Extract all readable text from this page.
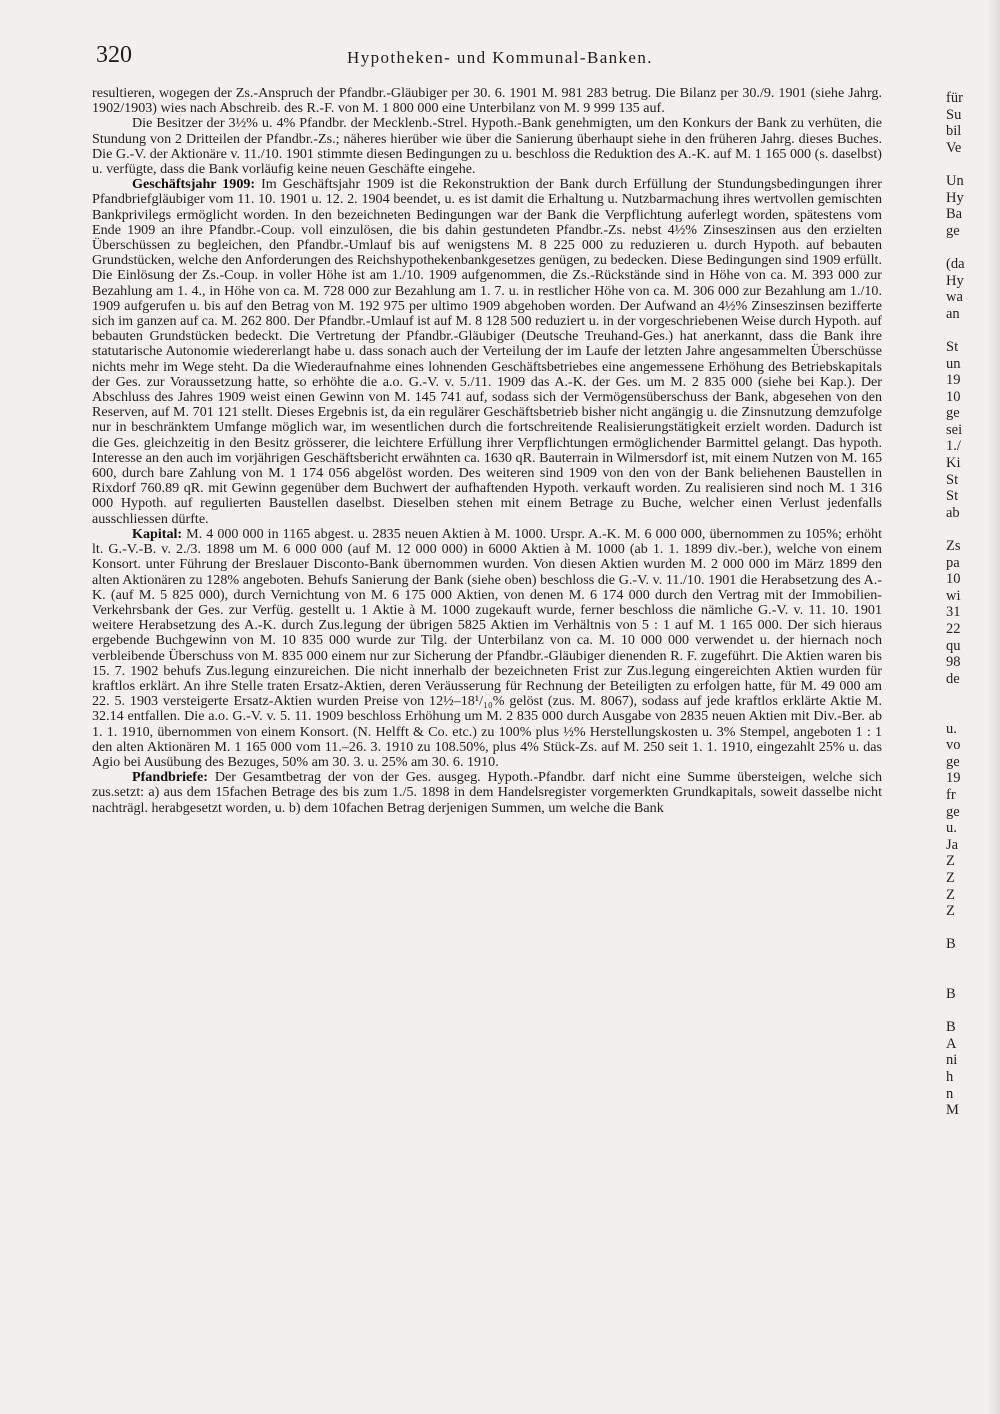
320	Hypotheken- und Kommunal-Banken.
resultieren, wogegen der Zs.-Anspruch der Pfandbr.-Gläubiger per 30. 6. 1901 M. 981 283 betrug. Die Bilanz per 30./9. 1901 (siehe Jahrg. 1902/1903) wies nach Abschreib. des R.-F. von M. 1 800 000 eine Unterbilanz von M. 9 999 135 auf.
Die Besitzer der 3½% u. 4% Pfandbr. der Mecklenb.-Strel. Hypoth.-Bank genehmigten, um den Konkurs der Bank zu verhüten, die Stundung von 2 Dritteilen der Pfandbr.-Zs.; näheres hierüber wie über die Sanierung überhaupt siehe in den früheren Jahrg. dieses Buches. Die G.-V. der Aktionäre v. 11./10. 1901 stimmte diesen Bedingungen zu u. beschloss die Reduktion des A.-K. auf M. 1 165 000 (s. daselbst) u. verfügte, dass die Bank vorläufig keine neuen Geschäfte eingehe.
Geschäftsjahr 1909: Im Geschäftsjahr 1909 ist die Rekonstruktion der Bank durch Erfüllung der Stundungsbedingungen ihrer Pfandbriefgläubiger vom 11. 10. 1901 u. 12. 2. 1904 beendet, u. es ist damit die Erhaltung u. Nutzbarmachung ihres wertvollen gemischten Bankprivilegs ermöglicht worden. In den bezeichneten Bedingungen war der Bank die Verpflichtung auferlegt worden, spätestens vom Ende 1909 an ihre Pfandbr.-Coup. voll einzulösen, die bis dahin gestundeten Pfandbr.-Zs. nebst 4½% Zinseszinsen aus den erzielten Überschüssen zu begleichen, den Pfandbr.-Umlauf bis auf wenigstens M. 8 225 000 zu reduzieren u. durch Hypoth. auf bebauten Grundstücken, welche den Anforderungen des Reichshypothekenbankgesetzes genügen, zu bedecken. Diese Bedingungen sind 1909 erfüllt. Die Einlösung der Zs.-Coup. in voller Höhe ist am 1./10. 1909 aufgenommen, die Zs.-Rückstände sind in Höhe von ca. M. 393 000 zur Bezahlung am 1. 4., in Höhe von ca. M. 728 000 zur Bezahlung am 1. 7. u. in restlicher Höhe von ca. M. 306 000 zur Bezahlung am 1./10. 1909 aufgerufen u. bis auf den Betrag von M. 192 975 per ultimo 1909 abgehoben worden. Der Aufwand an 4½% Zinseszinsen bezifferte sich im ganzen auf ca. M. 262 800. Der Pfandbr.-Umlauf ist auf M. 8 128 500 reduziert u. in der vorgeschriebenen Weise durch Hypoth. auf bebauten Grundstücken bedeckt. Die Vertretung der Pfandbr.-Gläubiger (Deutsche Treuhand-Ges.) hat anerkannt, dass die Bank ihre statutarische Autonomie wiedererlangt habe u. dass sonach auch der Verteilung der im Laufe der letzten Jahre angesammelten Überschüsse nichts mehr im Wege steht. Da die Wiederaufnahme eines lohnenden Geschäftsbetriebes eine angemessene Erhöhung des Betriebskapitals der Ges. zur Voraussetzung hatte, so erhöhte die a.o. G.-V. v. 5./11. 1909 das A.-K. der Ges. um M. 2 835 000 (siehe bei Kap.). Der Abschluss des Jahres 1909 weist einen Gewinn von M. 145 741 auf, sodass sich der Vermögensüberschuss der Bank, abgesehen von den Reserven, auf M. 701 121 stellt. Dieses Ergebnis ist, da ein regulärer Geschäftsbetrieb bisher nicht angängig u. die Zinsnutzung demzufolge nur in beschränktem Umfange möglich war, im wesentlichen durch die fortschreitende Realisierungstätigkeit erzielt worden. Dadurch ist die Ges. gleichzeitig in den Besitz grösserer, die leichtere Erfüllung ihrer Verpflichtungen ermöglichender Barmittel gelangt. Das hypoth. Interesse an den auch im vorjährigen Geschäftsbericht erwähnten ca. 1630 qR. Bauterrain in Wilmersdorf ist, mit einem Nutzen von M. 165 600, durch bare Zahlung von M. 1 174 056 abgelöst worden. Des weiteren sind 1909 von den von der Bank beliehenen Baustellen in Rixdorf 760.89 qR. mit Gewinn gegenüber dem Buchwert der aufhaftenden Hypoth. verkauft worden. Zu realisieren sind noch M. 1 316 000 Hypoth. auf regulierten Baustellen daselbst. Dieselben stehen mit einem Betrage zu Buche, welcher einen Verlust jedenfalls ausschliessen dürfte.
Kapital: M. 4 000 000 in 1165 abgest. u. 2835 neuen Aktien à M. 1000. Urspr. A.-K. M. 6 000 000, übernommen zu 105%; erhöht lt. G.-V.-B. v. 2./3. 1898 um M. 6 000 000 (auf M. 12 000 000) in 6000 Aktien à M. 1000 (ab 1. 1. 1899 div.-ber.), welche von einem Konsort. unter Führung der Breslauer Disconto-Bank übernommen wurden. Von diesen Aktien wurden M. 2 000 000 im März 1899 den alten Aktionären zu 128% angeboten. Behufs Sanierung der Bank (siehe oben) beschloss die G.-V. v. 11./10. 1901 die Herabsetzung des A.-K. (auf M. 5 825 000), durch Vernichtung von M. 6 175 000 Aktien, von denen M. 6 174 000 durch den Vertrag mit der Immobilien-Verkehrsbank der Ges. zur Verfüg. gestellt u. 1 Aktie à M. 1000 zugekauft wurde, ferner beschloss die nämliche G.-V. v. 11. 10. 1901 weitere Herabsetzung des A.-K. durch Zus.legung der übrigen 5825 Aktien im Verhältnis von 5 : 1 auf M. 1 165 000. Der sich hieraus ergebende Buchgewinn von M. 10 835 000 wurde zur Tilg. der Unterbilanz von ca. M. 10 000 000 verwendet u. der hiernach noch verbleibende Überschuss von M. 835 000 einem nur zur Sicherung der Pfandbr.-Gläubiger dienenden R. F. zugeführt. Die Aktien waren bis 15. 7. 1902 behufs Zus.legung einzureichen. Die nicht innerhalb der bezeichneten Frist zur Zus.legung eingereichten Aktien wurden für kraftlos erklärt. An ihre Stelle traten Ersatz-Aktien, deren Veräusserung für Rechnung der Beteiligten zu erfolgen hatte, für M. 49 000 am 22. 5. 1903 versteigerte Ersatz-Aktien wurden Preise von 12½–18¹/₁₀% gelöst (zus. M. 8067), sodass auf jede kraftlos erklärte Aktie M. 32.14 entfallen. Die a.o. G.-V. v. 5. 11. 1909 beschloss Erhöhung um M. 2 835 000 durch Ausgabe von 2835 neuen Aktien mit Div.-Ber. ab 1. 1. 1910, übernommen von einem Konsort. (N. Helfft & Co. etc.) zu 100% plus ½% Herstellungskosten u. 3% Stempel, angeboten 1 : 1 den alten Aktionären M. 1 165 000 vom 11.–26. 3. 1910 zu 108.50%, plus 4% Stück-Zs. auf M. 250 seit 1. 1. 1910, eingezahlt 25% u. das Agio bei Ausübung des Bezuges, 50% am 30. 3. u. 25% am 30. 6. 1910.
Pfandbriefe: Der Gesamtbetrag der von der Ges. ausgeg. Hypoth.-Pfandbr. darf nicht eine Summe übersteigen, welche sich zus.setzt: a) aus dem 15fachen Betrage des bis zum 1./5. 1898 in dem Handelsregister vorgemerkten Grundkapitals, soweit dasselbe nicht nachträgl. herabgesetzt worden, u. b) dem 10fachen Betrag derjenigen Summen, um welche die Bank
für
Su
bil
Ve

Un
Hy
Ba
ge

(da
Hy
wa
an

St
un
19
10
ge
sei
1./
Ki
St
St
ab

Zs
pa
10
wi
31
22
qu
98
de

u.
vo
ge
19
fr
ge
u.
Ja
Z
Z
Z
Z

B

B

B
A
ni
h
n
M
